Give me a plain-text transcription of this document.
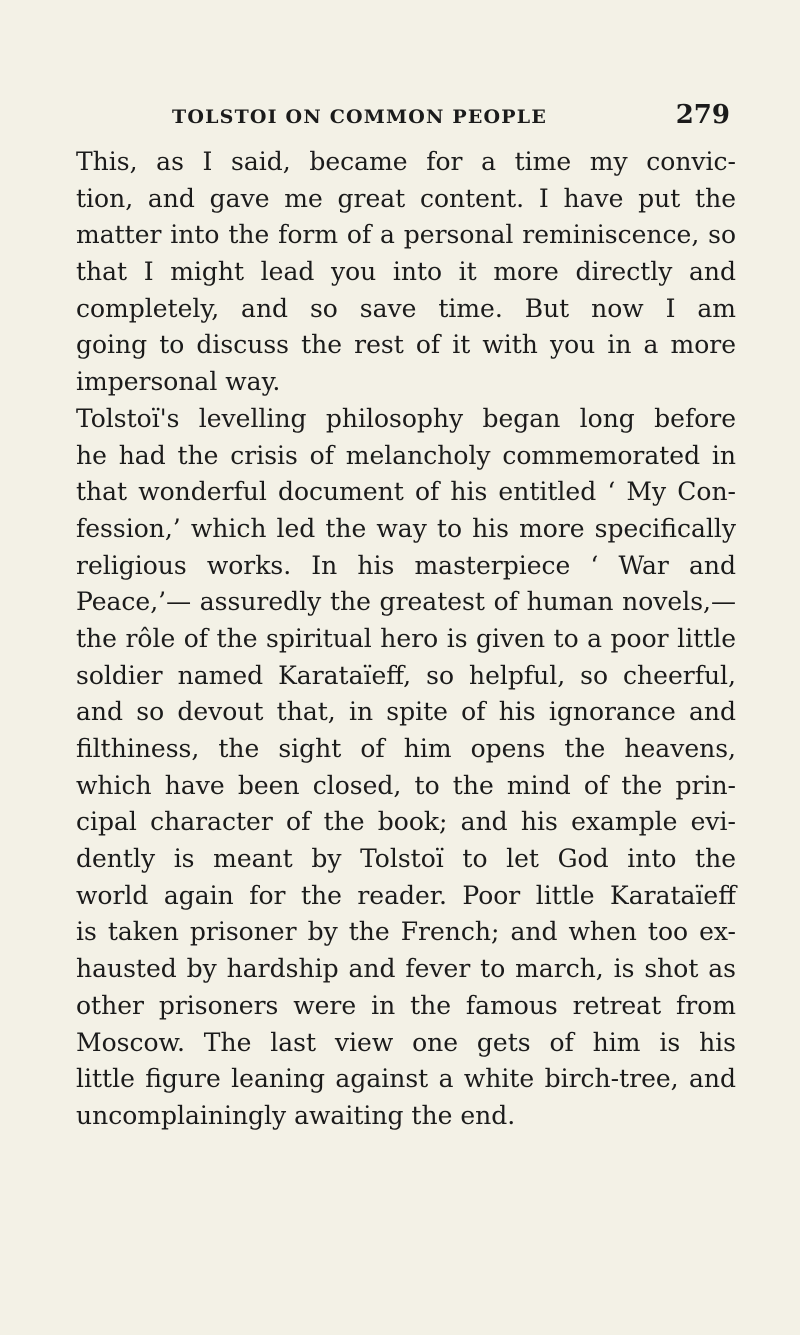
TOLSTOI ON COMMON PEOPLE	279
This, as I said, became for a time my convic-
tion, and gave me great content. I have put the
matter into the form of a personal reminiscence, so
that I might lead you into it more directly and
completely, and so save time. But now I am
going to discuss the rest of it with you in a more
impersonal way.
Tolstoï's levelling philosophy began long before
he had the crisis of melancholy commemorated in
that wonderful document of his entitled ‘ My Con-
fession,’ which led the way to his more specifically
religious works. In his masterpiece ‘ War and
Peace,’— assuredly the greatest of human novels,—
the rôle of the spiritual hero is given to a poor little
soldier named Karataïeff, so helpful, so cheerful,
and so devout that, in spite of his ignorance and
filthiness, the sight of him opens the heavens,
which have been closed, to the mind of the prin-
cipal character of the book; and his example evi-
dently is meant by Tolstoï to let God into the
world again for the reader. Poor little Karataïeff
is taken prisoner by the French; and when too ex-
hausted by hardship and fever to march, is shot as
other prisoners were in the famous retreat from
Moscow. The last view one gets of him is his
little figure leaning against a white birch-tree, and
uncomplainingly awaiting the end.
